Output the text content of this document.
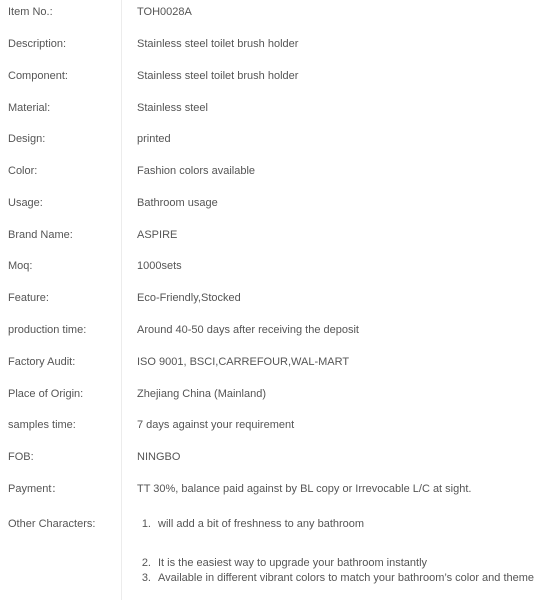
Item No.:	TOH0028A
Description:	Stainless steel toilet brush holder
Component:	Stainless steel toilet brush holder
Material:	Stainless steel
Design:	printed
Color:	Fashion colors available
Usage:	Bathroom usage
Brand Name:	ASPIRE
Moq:	1000sets
Feature:	Eco-Friendly,Stocked
production time:	Around 40-50 days after receiving the deposit
Factory Audit:	ISO 9001, BSCI,CARREFOUR,WAL-MART
Place of Origin:	Zhejiang China (Mainland)
samples time:	7 days against your requirement
FOB:	NINGBO
Payment：	TT 30%, balance paid against by BL copy or Irrevocable L/C at sight.
Other Characters:	1. will add a bit of freshness to any bathroom
2. It is the easiest way to upgrade your bathroom instantly
3. Available in different vibrant colors to match your bathroom’s color and theme
